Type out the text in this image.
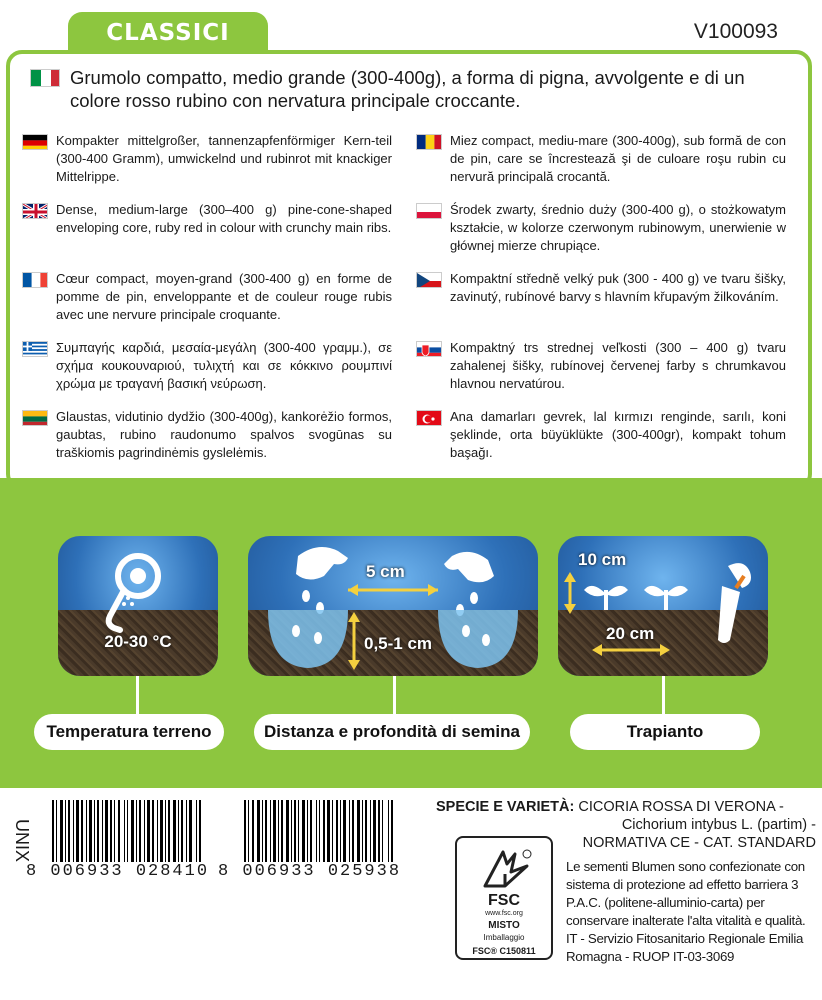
CLASSICI	V100093
Grumolo compatto, medio grande (300-400g), a forma di pigna, avvolgente e di un colore rosso rubino con nervatura principale croccante.
Kompakter mittelgroßer, tannenzapfenförmiger Kern-teil (300-400 Gramm), umwickelnd und rubinrot mit knackiger Mittelrippe.
Dense, medium-large (300–400 g) pine-cone-shaped enveloping core, ruby red in colour with crunchy main ribs.
Cœur compact, moyen-grand (300-400 g) en forme de pomme de pin, enveloppante et de couleur rouge rubis avec une nervure principale croquante.
Συμπαγής καρδιά, μεσαία-μεγάλη (300-400 γραμμ.), σε σχήμα κουκουναριού, τυλιχτή και σε κόκκινο ρουμπινί χρώμα με τραγανή βασική νεύρωση.
Glaustas, vidutinio dydžio (300-400g), kankorėžio formos, gaubtas, rubino raudonumo spalvos svogūnas su traškiomis pagrindinėmis gyslelėmis.
Miez compact, mediu-mare (300-400g), sub formă de con de pin, care se încrestează şi de culoare roşu rubin cu nervură principală crocantă.
Środek zwarty, średnio duży (300-400 g), o stożkowatym kształcie, w kolorze czerwonym rubinowym, unerwienie w głównej mierze chrupiące.
Kompaktní středně velký puk (300 - 400 g) ve tvaru šišky, zavinutý, rubínové barvy s hlavním křupavým žilkováním.
Kompaktný trs strednej veľkosti (300 – 400 g) tvaru zahalenej šišky, rubínovej červenej farby s chrumkavou hlavnou nervatúrou.
Ana damarları gevrek, lal kırmızı renginde, sarılı, koni şeklinde, orta büyüklükte (300-400gr), kompakt tohum başağı.
20-30 °C
Temperatura terreno
5 cm
0,5-1 cm
Distanza e profondità di semina
10 cm
20 cm
Trapianto
UNIX
8 006933 028410 8 006933 025938
SPECIE E VARIETÀ: CICORIA ROSSA DI VERONA -
Cichorium intybus L. (partim) -
NORMATIVA CE - CAT. STANDARD
FSC
www.fsc.org
MISTO
Imballaggio
FSC® C150811
Le sementi Blumen sono confezionate con sistema di protezione ad effetto barriera 3 P.A.C. (politene-alluminio-carta) per conservare inalterate l'alta vitalità e qualità. IT - Servizio Fitosanitario Regionale Emilia Romagna - RUOP IT-03-3069
